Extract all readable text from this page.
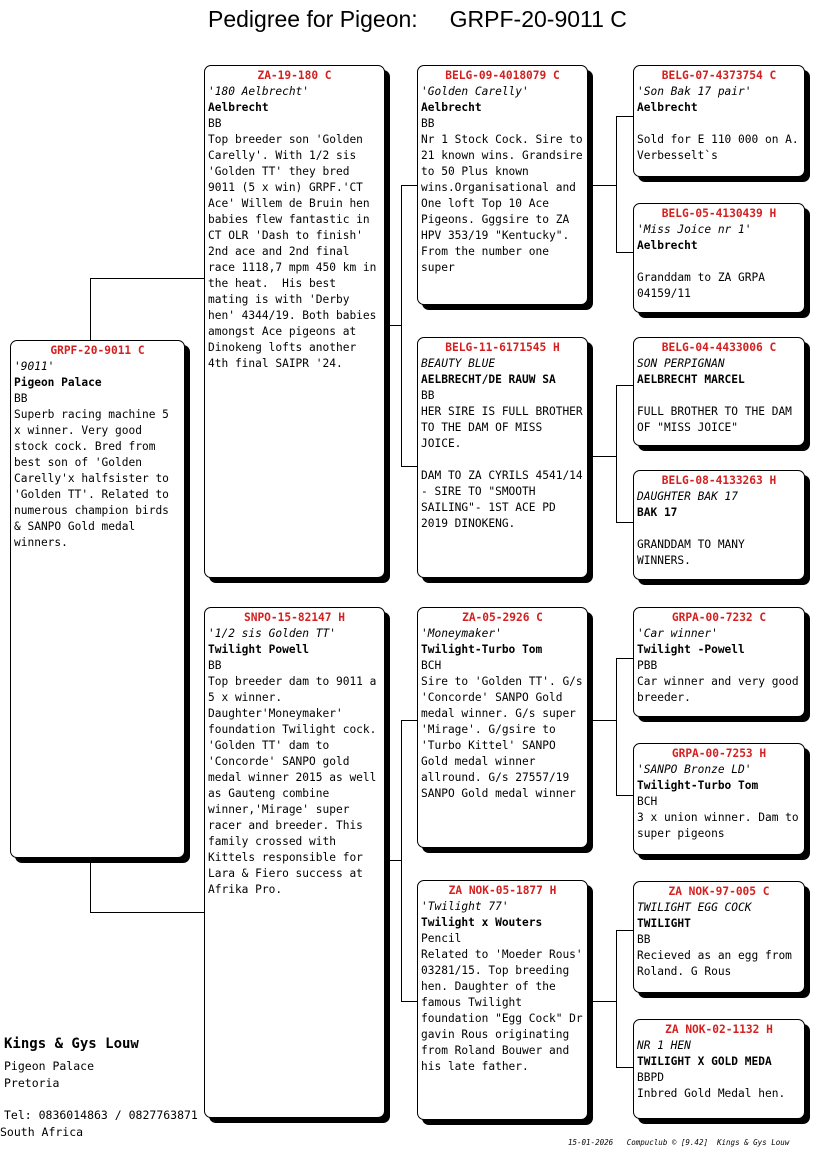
Pedigree for Pigeon:     GRPF-20-9011 C
GRPF-20-9011 C
'9011'
Pigeon Palace
BB
Superb racing machine 5 x winner. Very good stock cock. Bred from best son of 'Golden Carelly'x halfsister to 'Golden TT'. Related to numerous champion birds & SANPO Gold medal winners.
ZA-19-180 C
'180 Aelbrecht'
Aelbrecht
BB
Top breeder son 'Golden Carelly'. With 1/2 sis 'Golden TT' they bred 9011 (5 x win) GRPF.'CT Ace' Willem de Bruin hen babies flew fantastic in CT OLR 'Dash to finish' 2nd ace and 2nd final race 1118,7 mpm 450 km in the heat.  His best mating is with 'Derby hen' 4344/19. Both babies amongst Ace pigeons at Dinokeng lofts another 4th final SAIPR '24.
SNPO-15-82147 H
'1/2 sis Golden TT'
Twilight Powell
BB
Top breeder dam to 9011 a 5 x winner. Daughter'Moneymaker' foundation Twilight cock. 'Golden TT' dam to 'Concorde' SANPO gold medal winner 2015 as well as Gauteng combine winner,'Mirage' super racer and breeder. This family crossed with Kittels responsible for Lara & Fiero success at Afrika Pro.
BELG-09-4018079 C
'Golden Carelly'
Aelbrecht
BB
Nr 1 Stock Cock. Sire to 21 known wins. Grandsire to 50 Plus known wins.Organisational and One loft Top 10 Ace Pigeons. Gggsire to ZA HPV 353/19 "Kentucky". From the number one super
BELG-11-6171545 H
BEAUTY BLUE
AELBRECHT/DE RAUW SA
BB
HER SIRE IS FULL BROTHER TO THE DAM OF MISS JOICE.

DAM TO ZA CYRILS 4541/14 - SIRE TO "SMOOTH SAILING"- 1ST ACE PD 2019 DINOKENG.
ZA-05-2926 C
'Moneymaker'
Twilight-Turbo Tom
BCH
Sire to 'Golden TT'. G/s 'Concorde' SANPO Gold medal winner. G/s super 'Mirage'. G/gsire to 'Turbo Kittel' SANPO Gold medal winner allround. G/s 27557/19 SANPO Gold medal winner
ZA NOK-05-1877 H
'Twilight 77'
Twilight x Wouters
Pencil
Related to 'Moeder Rous' 03281/15. Top breeding hen. Daughter of the famous Twilight foundation "Egg Cock" Dr gavin Rous originating from Roland Bouwer and his late father.
BELG-07-4373754 C
'Son Bak 17 pair'
Aelbrecht
Sold for E 110 000 on A. Verbesselt`s
BELG-05-4130439 H
'Miss Joice nr 1'
Aelbrecht
Granddam to ZA GRPA 04159/11
BELG-04-4433006 C
SON PERPIGNAN
AELBRECHT MARCEL
FULL BROTHER TO THE DAM OF "MISS JOICE"
BELG-08-4133263 H
DAUGHTER BAK 17
BAK 17
GRANDDAM TO MANY WINNERS.
GRPA-00-7232 C
'Car winner'
Twilight -Powell
PBB
Car winner and very good breeder.
GRPA-00-7253 H
'SANPO Bronze LD'
Twilight-Turbo Tom
BCH
3 x union winner. Dam to super pigeons
ZA NOK-97-005 C
TWILIGHT EGG COCK
TWILIGHT
BB
Recieved as an egg from Roland. G Rous
ZA NOK-02-1132 H
NR 1 HEN
TWILIGHT X GOLD MEDA
BBPD
Inbred Gold Medal hen.
Kings & Gys Louw
Pigeon Palace
Pretoria
Tel: 0836014863 / 0827763871
South Africa
15-01-2026   Compuclub © [9.42]  Kings & Gys Louw
